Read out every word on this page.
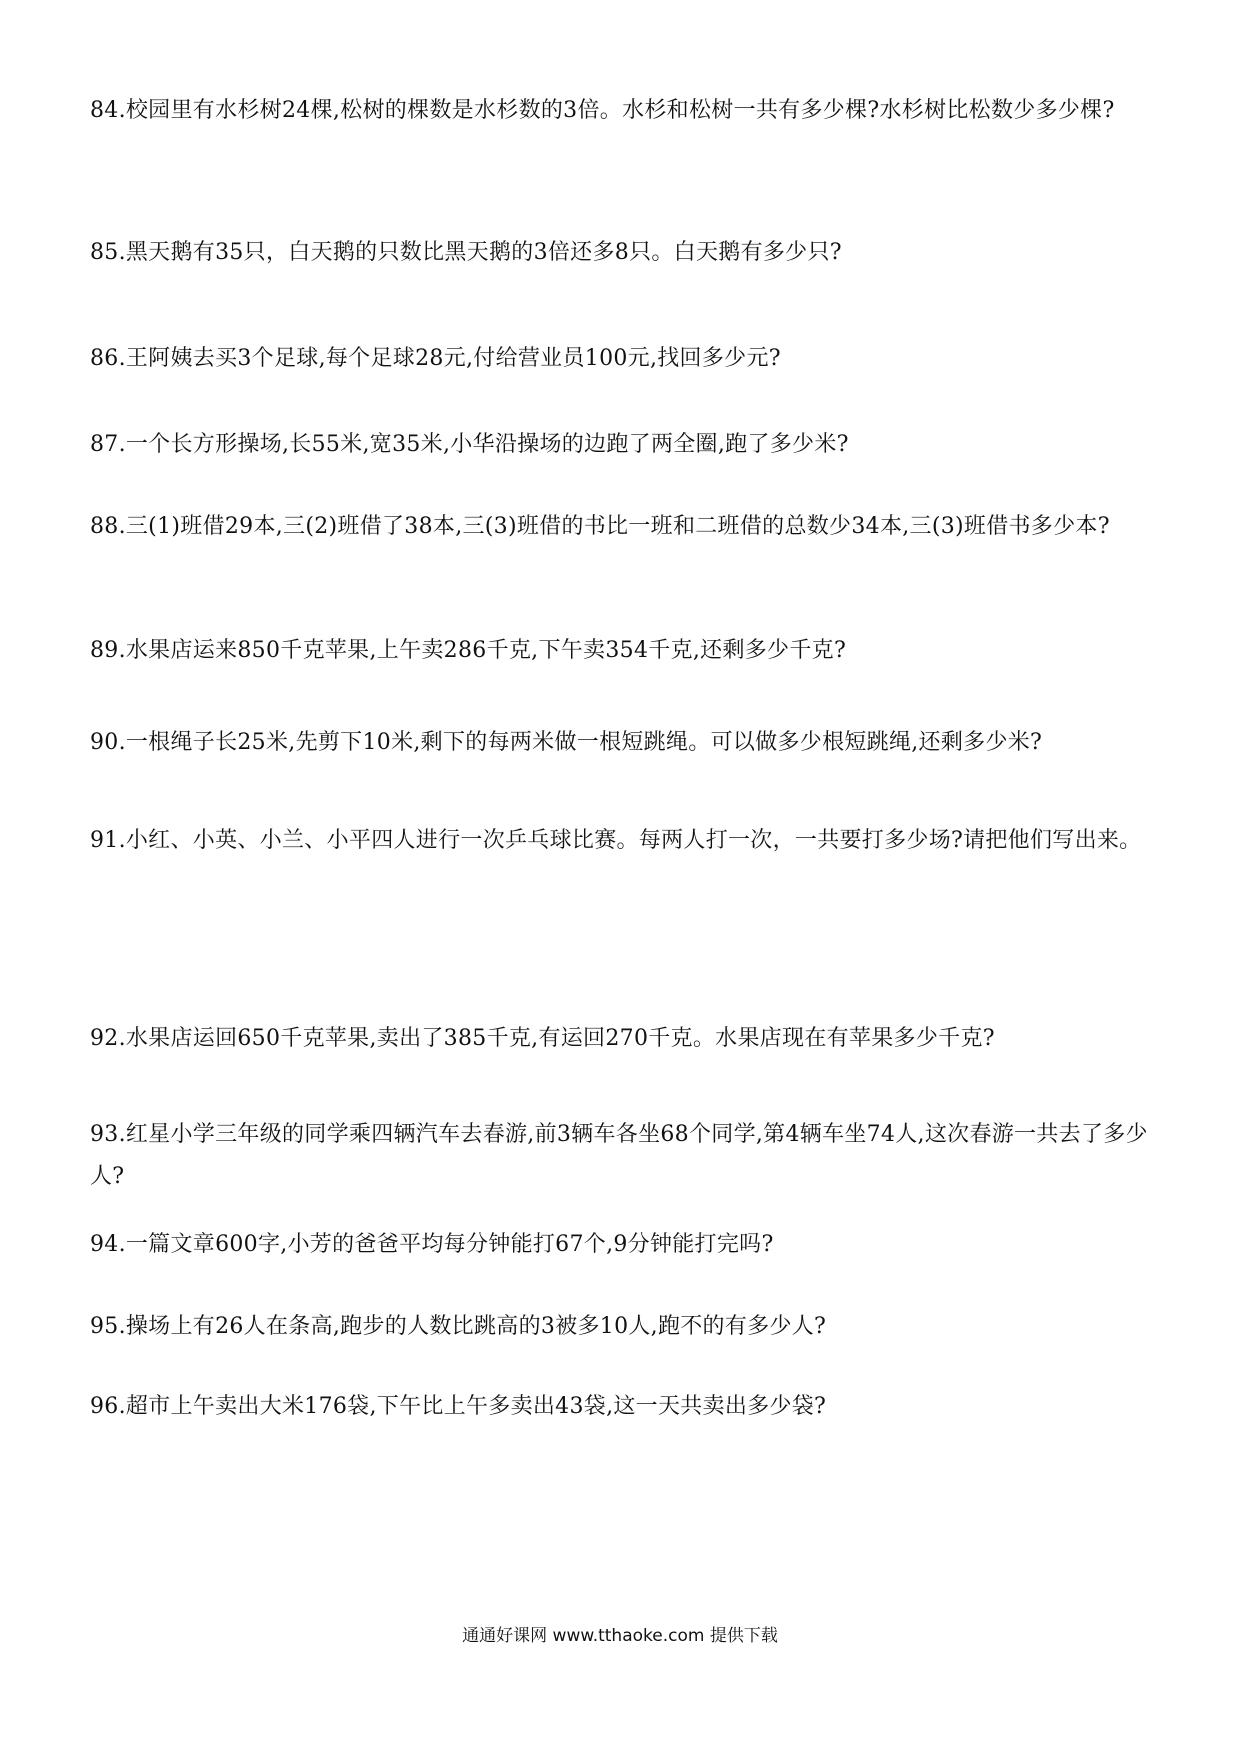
84.校园里有水杉树24棵,松树的棵数是水杉数的3倍。水杉和松树一共有多少棵?水杉树比松数少多少棵?
85.黑天鹅有35只，白天鹅的只数比黑天鹅的3倍还多8只。白天鹅有多少只?
86.王阿姨去买3个足球,每个足球28元,付给营业员100元,找回多少元?
87.一个长方形操场,长55米,宽35米,小华沿操场的边跑了两全圈,跑了多少米?
88.三(1)班借29本,三(2)班借了38本,三(3)班借的书比一班和二班借的总数少34本,三(3)班借书多少本?
89.水果店运来850千克苹果,上午卖286千克,下午卖354千克,还剩多少千克?
90.一根绳子长25米,先剪下10米,剩下的每两米做一根短跳绳。可以做多少根短跳绳,还剩多少米?
91.小红、小英、小兰、小平四人进行一次乒乓球比赛。每两人打一次，一共要打多少场?请把他们写出来。
92.水果店运回650千克苹果,卖出了385千克,有运回270千克。水果店现在有苹果多少千克?
93.红星小学三年级的同学乘四辆汽车去春游,前3辆车各坐68个同学,第4辆车坐74人,这次春游一共去了多少人?
94.一篇文章600字,小芳的爸爸平均每分钟能打67个,9分钟能打完吗?
95.操场上有26人在条高,跑步的人数比跳高的3被多10人,跑不的有多少人?
96.超市上午卖出大米176袋,下午比上午多卖出43袋,这一天共卖出多少袋?
通通好课网 www.tthaoke.com 提供下载
